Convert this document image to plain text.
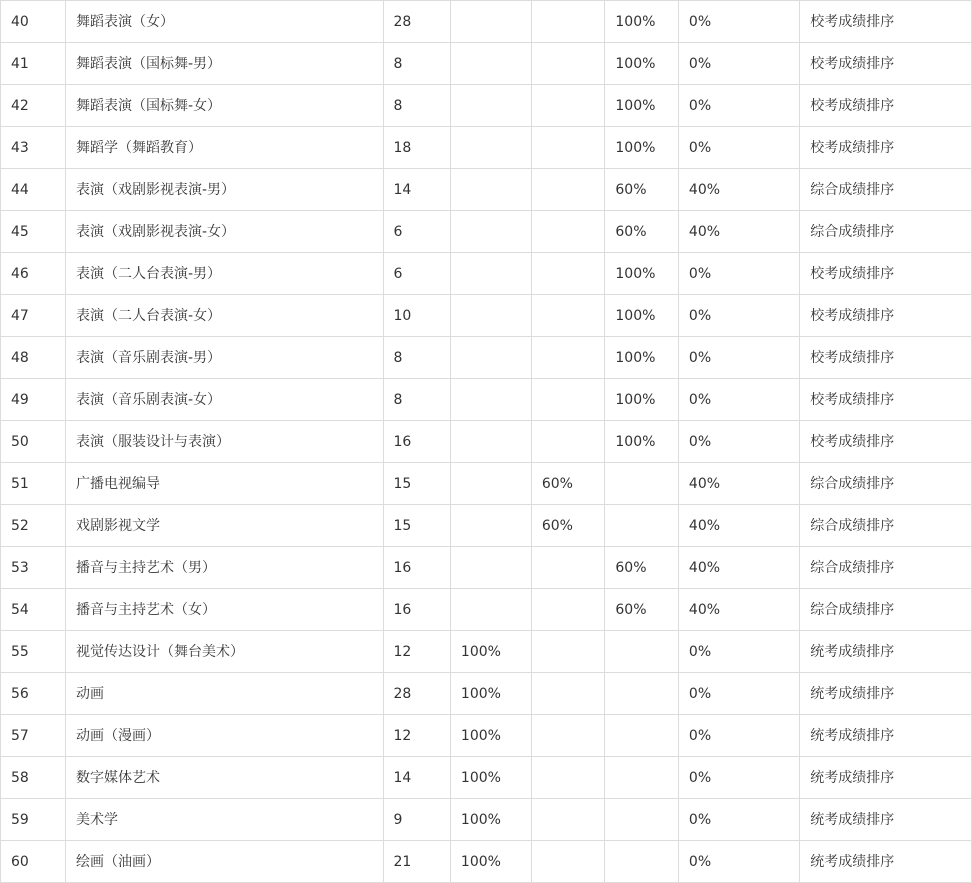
40	舞蹈表演（女）	28			100%	0%	校考成绩排序
41	舞蹈表演（国标舞-男）	8			100%	0%	校考成绩排序
42	舞蹈表演（国标舞-女）	8			100%	0%	校考成绩排序
43	舞蹈学（舞蹈教育）	18			100%	0%	校考成绩排序
44	表演（戏剧影视表演-男）	14			60%	40%	综合成绩排序
45	表演（戏剧影视表演-女）	6			60%	40%	综合成绩排序
46	表演（二人台表演-男）	6			100%	0%	校考成绩排序
47	表演（二人台表演-女）	10			100%	0%	校考成绩排序
48	表演（音乐剧表演-男）	8			100%	0%	校考成绩排序
49	表演（音乐剧表演-女）	8			100%	0%	校考成绩排序
50	表演（服装设计与表演）	16			100%	0%	校考成绩排序
51	广播电视编导	15		60%		40%	综合成绩排序
52	戏剧影视文学	15		60%		40%	综合成绩排序
53	播音与主持艺术（男）	16			60%	40%	综合成绩排序
54	播音与主持艺术（女）	16			60%	40%	综合成绩排序
55	视觉传达设计（舞台美术）	12	100%			0%	统考成绩排序
56	动画	28	100%			0%	统考成绩排序
57	动画（漫画）	12	100%			0%	统考成绩排序
58	数字媒体艺术	14	100%			0%	统考成绩排序
59	美术学	9	100%			0%	统考成绩排序
60	绘画（油画）	21	100%			0%	统考成绩排序
